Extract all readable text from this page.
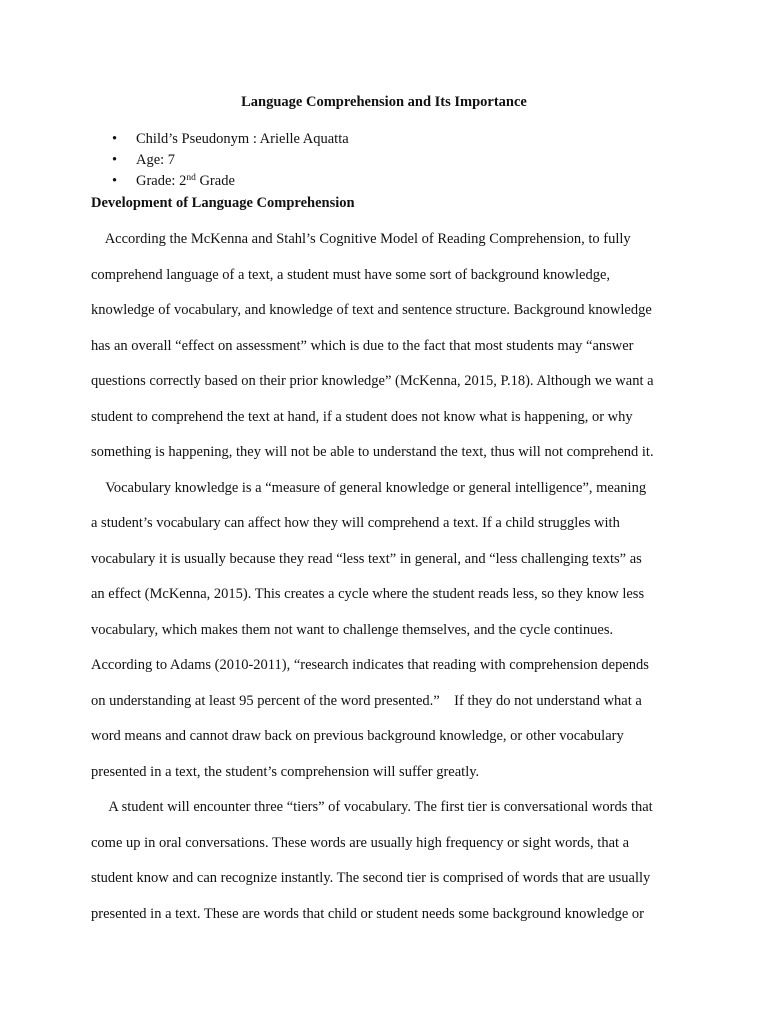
Language Comprehension and Its Importance
• Child’s Pseudonym : Arielle Aquatta
• Age: 7
• Grade: 2nd Grade
Development of Language Comprehension
According the McKenna and Stahl’s Cognitive Model of Reading Comprehension, to fully
comprehend language of a text, a student must have some sort of background knowledge,
knowledge of vocabulary, and knowledge of text and sentence structure. Background knowledge
has an overall “effect on assessment” which is due to the fact that most students may “answer
questions correctly based on their prior knowledge” (McKenna, 2015, P.18). Although we want a
student to comprehend the text at hand, if a student does not know what is happening, or why
something is happening, they will not be able to understand the text, thus will not comprehend it.
Vocabulary knowledge is a “measure of general knowledge or general intelligence”, meaning
a student’s vocabulary can affect how they will comprehend a text. If a child struggles with
vocabulary it is usually because they read “less text” in general, and “less challenging texts” as
an effect (McKenna, 2015). This creates a cycle where the student reads less, so they know less
vocabulary, which makes them not want to challenge themselves, and the cycle continues.
According to Adams (2010-2011), “research indicates that reading with comprehension depends
on understanding at least 95 percent of the word presented.”    If they do not understand what a
word means and cannot draw back on previous background knowledge, or other vocabulary
presented in a text, the student’s comprehension will suffer greatly.
A student will encounter three “tiers” of vocabulary. The first tier is conversational words that
come up in oral conversations. These words are usually high frequency or sight words, that a
student know and can recognize instantly. The second tier is comprised of words that are usually
presented in a text. These are words that child or student needs some background knowledge or
